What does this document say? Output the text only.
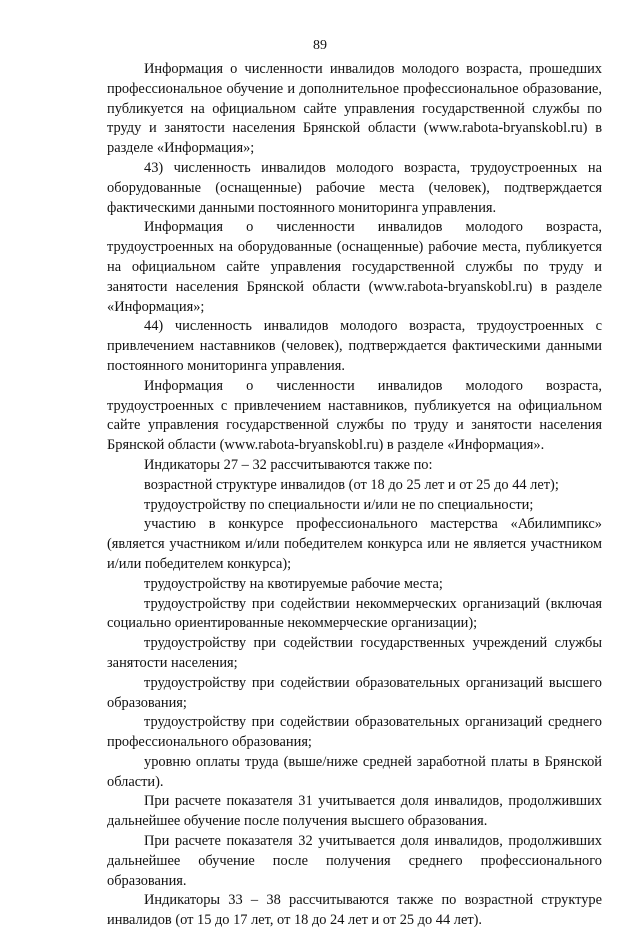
89

Информация о численности инвалидов молодого возраста, прошедших профессиональное обучение и дополнительное профессиональное образование, публикуется на официальном сайте управления государственной службы по труду и занятости населения Брянской области (www.rabota-bryanskobl.ru) в разделе «Информация»;

43) численность инвалидов молодого возраста, трудоустроенных на оборудованные (оснащенные) рабочие места (человек), подтверждается фактическими данными постоянного мониторинга управления.

Информация о численности инвалидов молодого возраста, трудоустроенных на оборудованные (оснащенные) рабочие места, публикуется на официальном сайте управления государственной службы по труду и занятости населения Брянской области (www.rabota-bryanskobl.ru) в разделе «Информация»;

44) численность инвалидов молодого возраста, трудоустроенных с привлечением наставников (человек), подтверждается фактическими данными постоянного мониторинга управления.

Информация о численности инвалидов молодого возраста, трудоустроенных с привлечением наставников, публикуется на официальном сайте управления государственной службы по труду и занятости населения Брянской области (www.rabota-bryanskobl.ru) в разделе «Информация».

Индикаторы 27 – 32 рассчитываются также по:

возрастной структуре инвалидов (от 18 до 25 лет и от 25 до 44 лет);

трудоустройству по специальности и/или не по специальности;

участию в конкурсе профессионального мастерства «Абилимпикс» (является участником и/или победителем конкурса или не является участником и/или победителем конкурса);

трудоустройству на квотируемые рабочие места;

трудоустройству при содействии некоммерческих организаций (включая социально ориентированные некоммерческие организации);

трудоустройству при содействии государственных учреждений службы занятости населения;

трудоустройству при содействии образовательных организаций высшего образования;

трудоустройству при содействии образовательных организаций среднего профессионального образования;

уровню оплаты труда (выше/ниже средней заработной платы в Брянской области).

При расчете показателя 31 учитывается доля инвалидов, продолживших дальнейшее обучение после получения высшего образования.

При расчете показателя 32 учитывается доля инвалидов, продолживших дальнейшее обучение после получения среднего профессионального образования.

Индикаторы 33 – 38 рассчитываются также по возрастной структуре инвалидов (от 15 до 17 лет, от 18 до 24 лет и от 25 до 44 лет).
